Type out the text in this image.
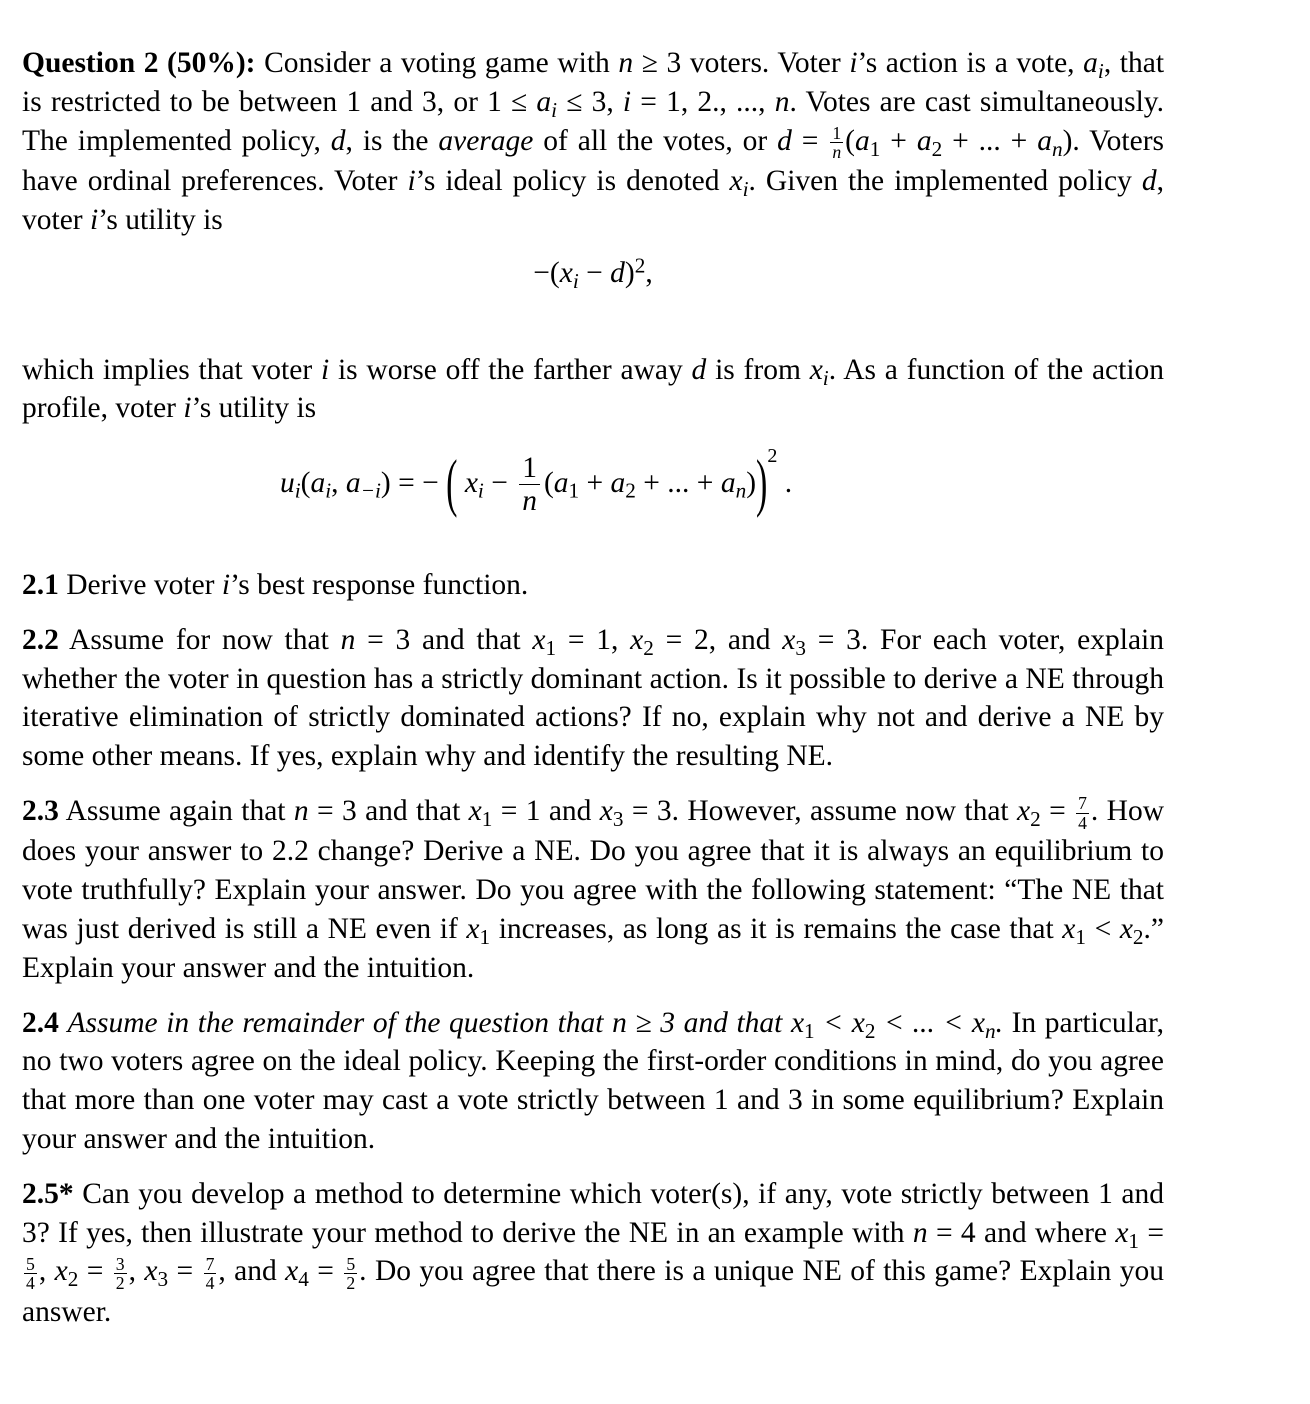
Question 2 (50%): Consider a voting game with n ≥ 3 voters. Voter i’s action is a vote, $a_i$, that is restricted to be between 1 and 3, or $1 \le a_i \le 3$, i = 1, 2., ..., n. Votes are cast simultaneously. The implemented policy, d, is the average of all the votes, or $d = \frac{1}{n} (a_1 + a_2$ + ... + $a_n$). Voters have ordinal preferences. Voter i’s ideal policy is denoted $x_i$. Given the implemented policy d, voter i’s utility is

$-(x_i - d)^2$,

which implies that voter i is worse off the farther away d is from $x_i$. As a function of the action profile, voter i’s utility is

$u_i(a_i$, $a_{-i}$) = − ( $x_i - \frac{1}{n} (a_1 + a_2$ + ... + $a_n))^2$ .

2.1 Derive voter i’s best response function.

2.2 Assume for now that n = 3 and that $x_1 = 1$, $x_2 = 2$, and $x_3 = 3$. For each voter, explain whether the voter in question has a strictly dominant action. Is it possible to derive a NE through iterative elimination of strictly dominated actions? If no, explain why not and derive a NE by some other means. If yes, explain why and identify the resulting NE.

2.3 Assume again that n = 3 and that $x_1 = 1$ and $x_3 = 3$. However, assume now that $x_2 = \frac{7}{4}$ . How does your answer to 2.2 change? Derive a NE. Do you agree that it is always an equilibrium to vote truthfully? Explain your answer. Do you agree with the following statement: “The NE that was just derived is still a NE even if $x_1$ increases, as long as it is remains the case that $x_1 < x_2$.” Explain your answer and the intuition.

2.4 Assume in the remainder of the question that n ≥ 3 and that $x_1 < x_2$ < ... < $x_n$. In particular, no two voters agree on the ideal policy. Keeping the first-order conditions in mind, do you agree that more than one voter may cast a vote strictly between 1 and 3 in some equilibrium? Explain your answer and the intuition.

2.5* Can you develop a method to determine which voter(s), if any, vote strictly between 1 and 3? If yes, then illustrate your method to derive the NE in an example with n = 4 and where $x_1$ =
$\frac{5}{4}$ , $x_2 = \frac{3}{2}$ , $x_3 = \frac{7}{4}$ , and $x_4 = \frac{5}{2}$ . Do you agree that there is a unique NE of this game? Explain you answer.
